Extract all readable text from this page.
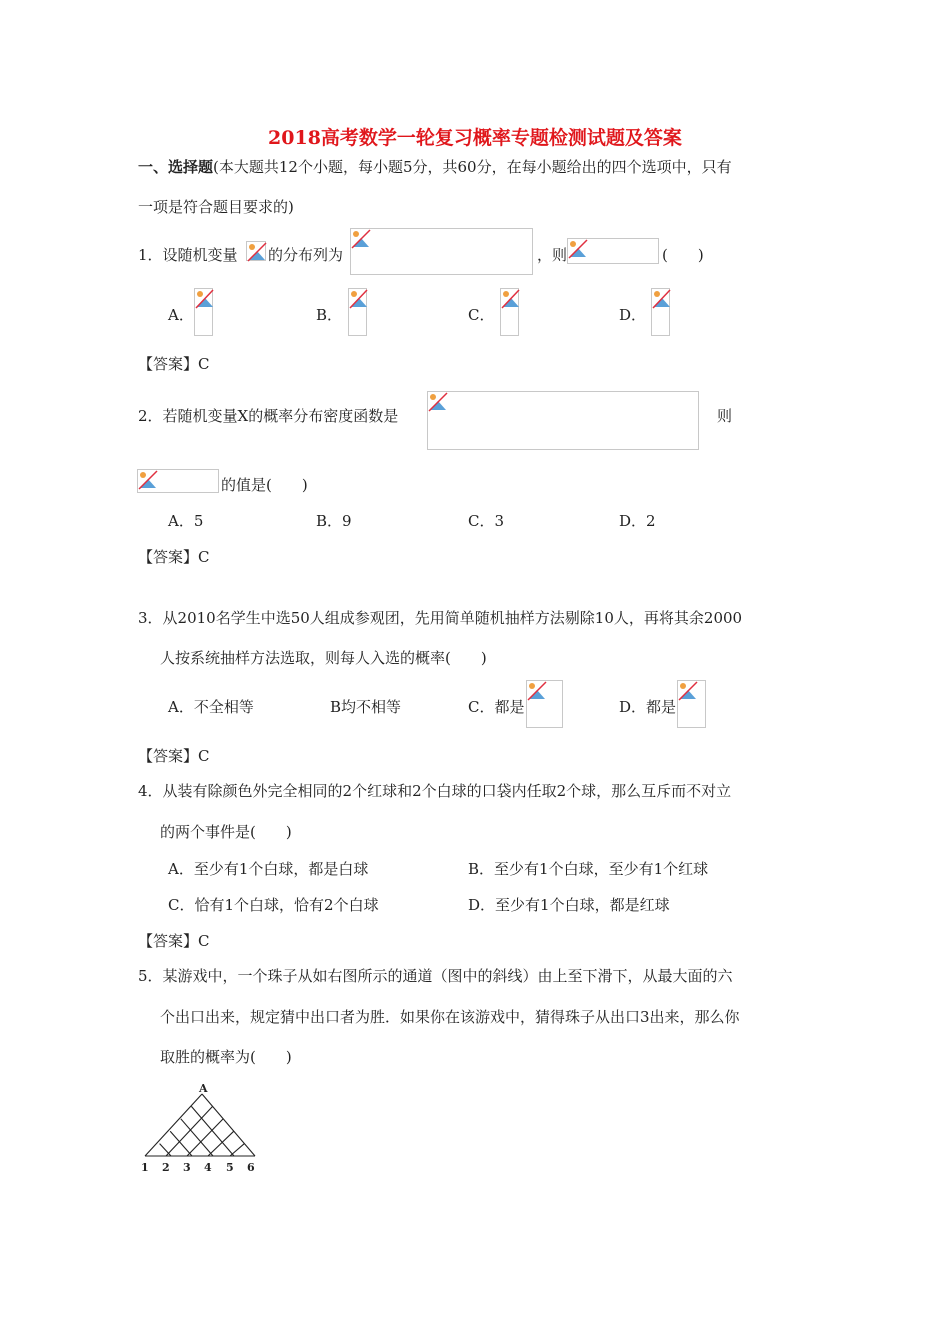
2018高考数学一轮复习概率专题检测试题及答案
一、选择题(本大题共12个小题，每小题5分，共60分，在每小题给出的四个选项中，只有
一项是符合题目要求的)
1．设随机变量 的分布列为	，则	(　　)
A．	B．	C．	D．
【答案】C
2．若随机变量X的概率分布密度函数是	则
的值是(　　)
A．5	B．9	C．3	D．2
【答案】C
3．从2010名学生中选50人组成参观团，先用简单随机抽样方法剔除10人，再将其余2000
人按系统抽样方法选取，则每人入选的概率(　　)
A．不全相等	B均不相等	C．都是	D．都是
【答案】C
4．从装有除颜色外完全相同的2个红球和2个白球的口袋内任取2个球，那么互斥而不对立
的两个事件是(　　)
A．至少有1个白球，都是白球	B．至少有1个白球，至少有1个红球
C．恰有1个白球，恰有2个白球	D．至少有1个白球，都是红球
【答案】C
5．某游戏中，一个珠子从如右图所示的通道（图中的斜线）由上至下滑下，从最大面的六
个出口出来，规定猜中出口者为胜．如果你在该游戏中，猜得珠子从出口3出来，那么你
取胜的概率为(　　)
A
1 2 3 4 5 6
